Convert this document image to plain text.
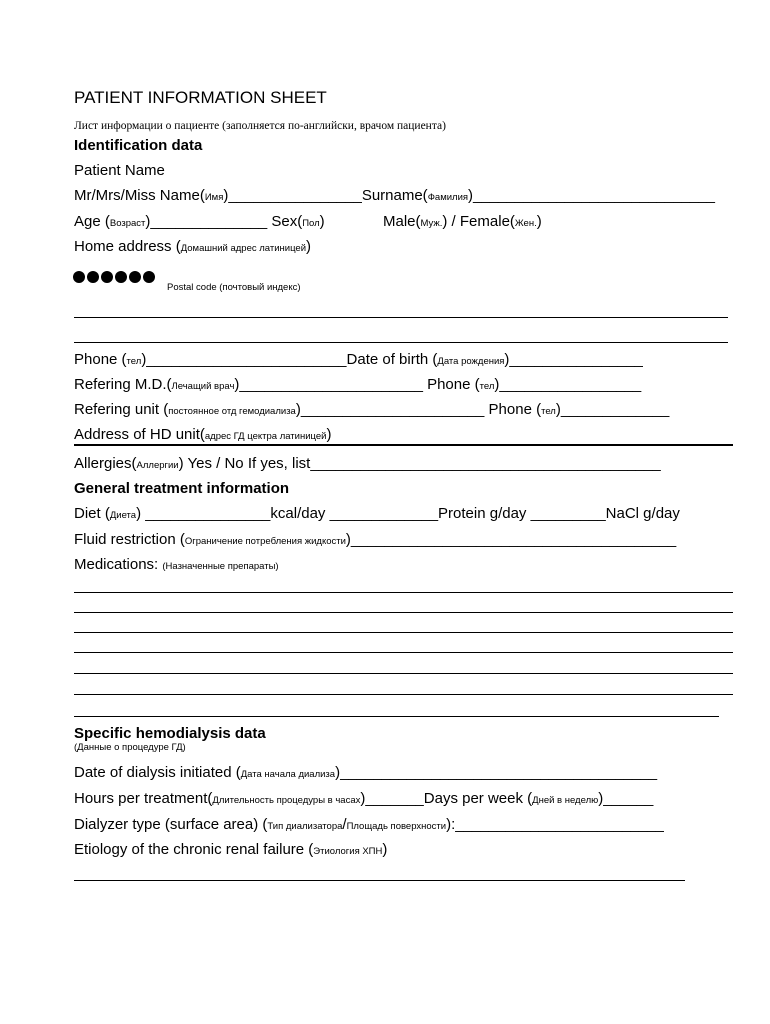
PATIENT INFORMATION SHEET
Лист информации о пациенте (заполняется по-английски, врачом пациента)
Identification data
Patient Name
Mr/Mrs/Miss Name(Имя)________________Surname(Фамилия)_____________________________
Age (Возраст)______________ Sex(Пол)	Male(Муж.) / Female(Жен.)
Home address (Домашний адрес латиницей)
Postal code (почтовый индекс)
Phone (тел)________________________Date of birth (Дата рождения)________________
Refering M.D.(Лечащий врач)______________________ Phone (тел)_________________
Refering unit (постоянное отд гемодиализа)______________________ Phone (тел)_____________
Address of HD unit(адрес ГД цектра латиницей)
Allergies(Аллергии) Yes / No If yes, list__________________________________________
General treatment information
Diet (Диета) _______________kcal/day _____________Protein g/day _________NaCl g/day
Fluid restriction (Ограничение потребления жидкости)_______________________________________
Medications: (Назначенные препараты)
Specific hemodialysis data
(Данные о процедуре ГД)
Date of dialysis initiated (Дата начала диализа)______________________________________
Hours per treatment(Длительность процедуры в часах)_______Days per week (Дней в неделю)______
Dialyzer type (surface area) (Тип диализатора/Площадь поверхности):_________________________
Etiology of the chronic renal failure (Этиология ХПН)
